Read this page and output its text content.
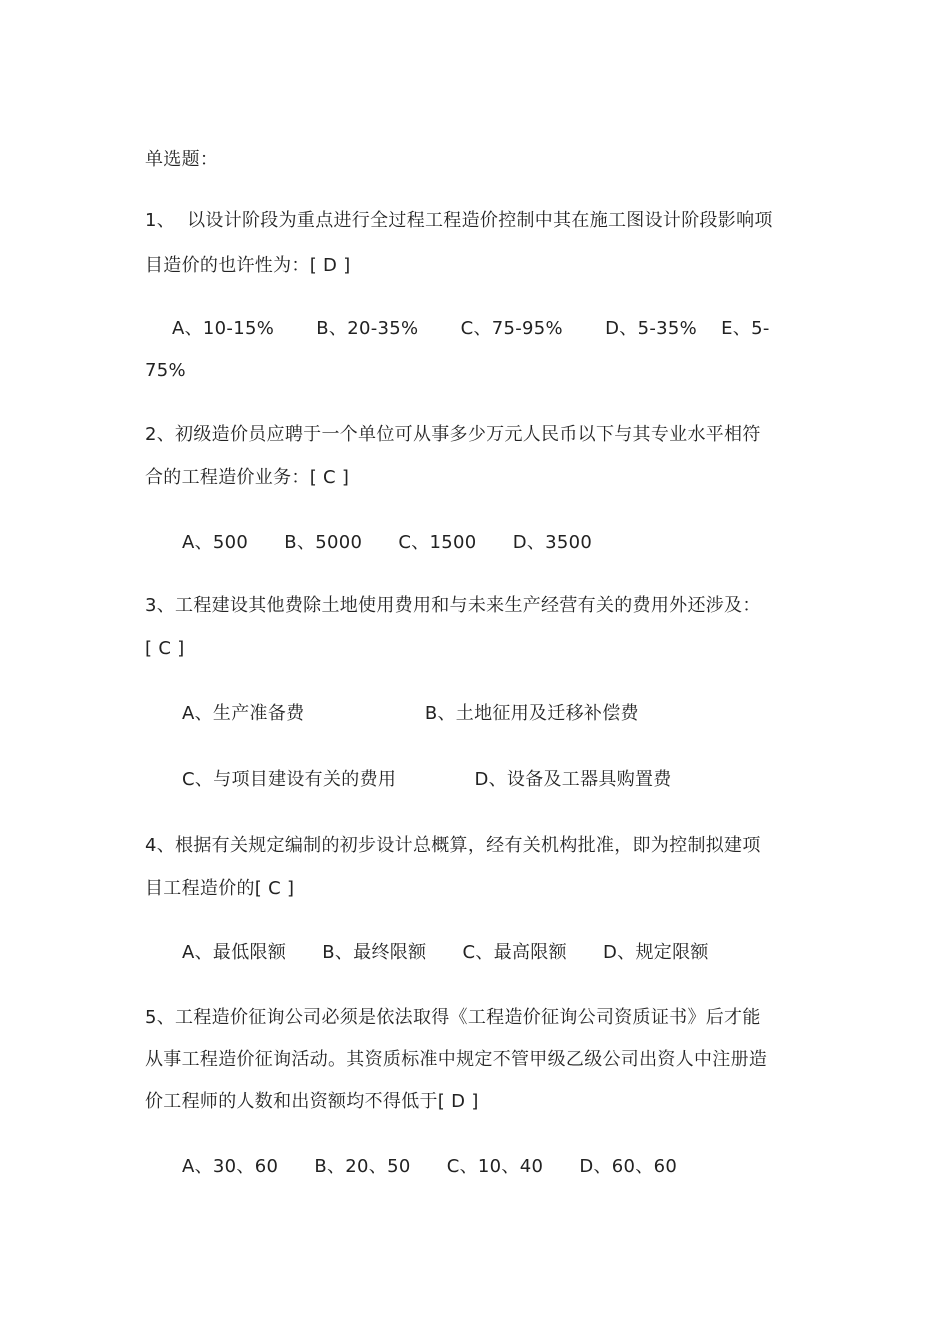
单选题：
1、  以设计阶段为重点进行全过程工程造价控制中其在施工图设计阶段影响项
目造价的也许性为：[ D ]
A、10-15%       B、20-35%       C、75-95%       D、5-35%    E、5-
75%
2、初级造价员应聘于一个单位可从事多少万元人民币以下与其专业水平相符
合的工程造价业务：[ C ]
A、500      B、5000      C、1500      D、3500
3、工程建设其他费除土地使用费用和与未来生产经营有关的费用外还涉及：
[ C ]
A、生产准备费                    B、土地征用及迁移补偿费
C、与项目建设有关的费用             D、设备及工器具购置费
4、根据有关规定编制的初步设计总概算，经有关机构批准，即为控制拟建项
目工程造价的[ C ]
A、最低限额      B、最终限额      C、最高限额      D、规定限额
5、工程造价征询公司必须是依法取得《工程造价征询公司资质证书》后才能
从事工程造价征询活动。其资质标准中规定不管甲级乙级公司出资人中注册造
价工程师的人数和出资额均不得低于[ D ]
A、30、60      B、20、50      C、10、40      D、60、60
